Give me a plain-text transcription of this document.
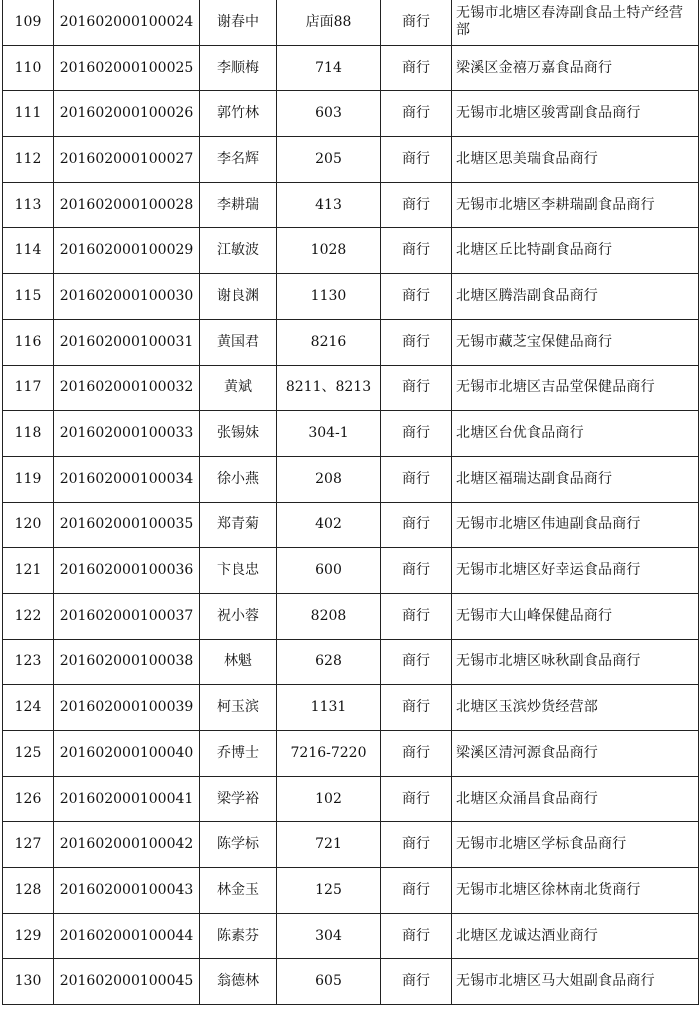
109	201602000100024	谢春中	店面88	商行	无锡市北塘区春涛副食品土特产经营部
110	201602000100025	李顺梅	714	商行	梁溪区金禧万嘉食品商行
111	201602000100026	郭竹林	603	商行	无锡市北塘区骏霄副食品商行
112	201602000100027	李名辉	205	商行	北塘区思美瑞食品商行
113	201602000100028	李耕瑞	413	商行	无锡市北塘区李耕瑞副食品商行
114	201602000100029	江敏波	1028	商行	北塘区丘比特副食品商行
115	201602000100030	谢良渊	1130	商行	北塘区腾浩副食品商行
116	201602000100031	黄国君	8216	商行	无锡市藏芝宝保健品商行
117	201602000100032	黄斌	8211、8213	商行	无锡市北塘区吉品堂保健品商行
118	201602000100033	张锡妹	304-1	商行	北塘区台优食品商行
119	201602000100034	徐小燕	208	商行	北塘区福瑞达副食品商行
120	201602000100035	郑青菊	402	商行	无锡市北塘区伟迪副食品商行
121	201602000100036	卞良忠	600	商行	无锡市北塘区好幸运食品商行
122	201602000100037	祝小蓉	8208	商行	无锡市大山峰保健品商行
123	201602000100038	林魁	628	商行	无锡市北塘区咏秋副食品商行
124	201602000100039	柯玉滨	1131	商行	北塘区玉滨炒货经营部
125	201602000100040	乔博士	7216-7220	商行	梁溪区清河源食品商行
126	201602000100041	梁学裕	102	商行	北塘区众涌昌食品商行
127	201602000100042	陈学标	721	商行	无锡市北塘区学标食品商行
128	201602000100043	林金玉	125	商行	无锡市北塘区徐林南北货商行
129	201602000100044	陈素芬	304	商行	北塘区龙诚达酒业商行
130	201602000100045	翁德林	605	商行	无锡市北塘区马大姐副食品商行
